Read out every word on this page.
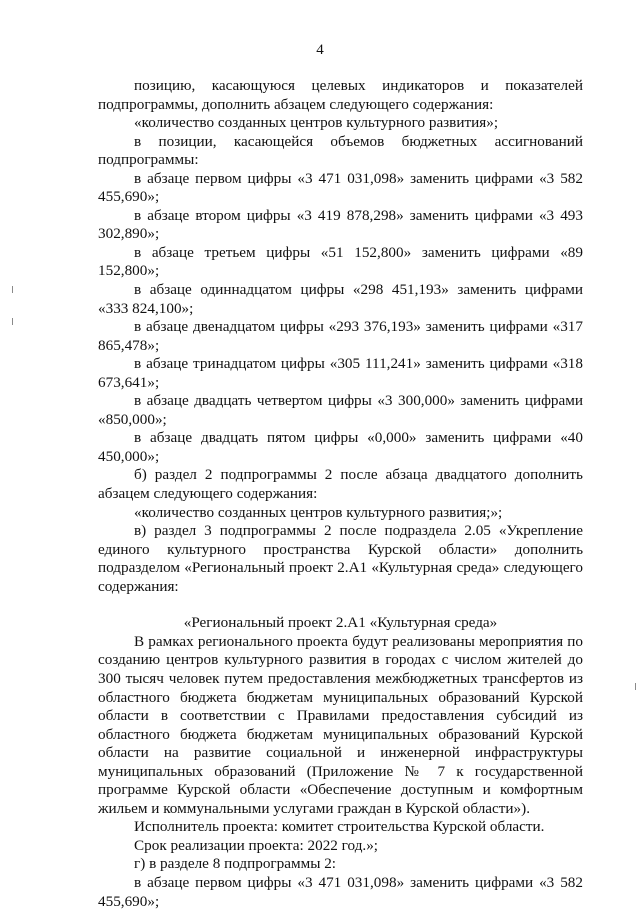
4

позицию, касающуюся целевых индикаторов и показателей подпрограммы, дополнить абзацем следующего содержания:

«количество созданных центров культурного развития»;

в позиции, касающейся объемов бюджетных ассигнований подпрограммы:

в абзаце первом цифры «3 471 031,098» заменить цифрами «3 582 455,690»;

в абзаце втором цифры «3 419 878,298» заменить цифрами «3 493 302,890»;

в абзаце третьем цифры «51 152,800» заменить цифрами «89 152,800»;

в абзаце одиннадцатом цифры «298 451,193» заменить цифрами «333 824,100»;

в абзаце двенадцатом цифры «293 376,193» заменить цифрами «317 865,478»;

в абзаце тринадцатом цифры «305 111,241» заменить цифрами «318 673,641»;

в абзаце двадцать четвертом цифры «3 300,000» заменить цифрами «850,000»;

в абзаце двадцать пятом цифры «0,000» заменить цифрами «40 450,000»;

б) раздел 2 подпрограммы 2 после абзаца двадцатого дополнить абзацем следующего содержания:

«количество созданных центров культурного развития;»;

в) раздел 3 подпрограммы 2 после подраздела 2.05 «Укрепление единого культурного пространства Курской области» дополнить подразделом «Региональный проект 2.А1 «Культурная среда» следующего содержания:

«Региональный проект 2.А1 «Культурная среда»

В рамках регионального проекта будут реализованы мероприятия по созданию центров культурного развития в городах с числом жителей до 300 тысяч человек путем предоставления межбюджетных трансфертов из областного бюджета бюджетам муниципальных образований Курской области в соответствии с Правилами предоставления субсидий из областного бюджета бюджетам муниципальных образований Курской области на развитие социальной и инженерной инфраструктуры муниципальных образований (Приложение № 7 к государственной программе Курской области «Обеспечение доступным и комфортным жильем и коммунальными услугами граждан в Курской области»).

Исполнитель проекта: комитет строительства Курской области.

Срок реализации проекта: 2022 год.»;

г) в разделе 8 подпрограммы 2:

в абзаце первом цифры «3 471 031,098» заменить цифрами «3 582 455,690»;
